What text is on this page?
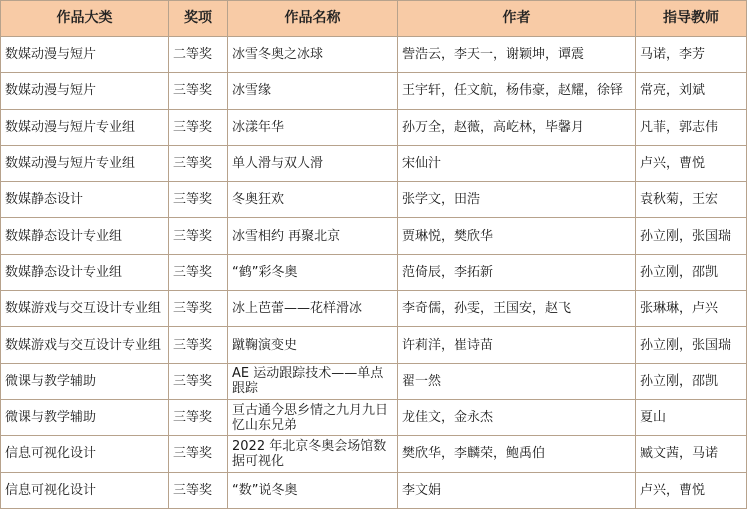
作品大类	奖项	作品名称	作者	指导教师
数媒动漫与短片	二等奖	冰雪冬奥之冰球	訾浩云，李天一，谢颖坤，谭震	马诺，李芳
数媒动漫与短片	三等奖	冰雪缘	王宇轩，任文航，杨伟豪，赵耀，徐铎	常亮，刘斌
数媒动漫与短片专业组	三等奖	冰漾年华	孙万全，赵薇，高屹林，毕馨月	凡菲，郭志伟
数媒动漫与短片专业组	三等奖	单人滑与双人滑	宋仙汁	卢兴，曹悦
数媒静态设计	三等奖	冬奥狂欢	张学文，田浩	袁秋菊，王宏
数媒静态设计专业组	三等奖	冰雪相约 再聚北京	贾琳悦，樊欣华	孙立刚，张国瑞
数媒静态设计专业组	三等奖	“鹤”彩冬奥	范倚辰，李拓新	孙立刚，邵凯
数媒游戏与交互设计专业组	三等奖	冰上芭蕾——花样滑冰	李奇儒，孙雯，王国安，赵飞	张琳琳，卢兴
数媒游戏与交互设计专业组	三等奖	蹴鞠演变史	许莉洋，崔诗苗	孙立刚，张国瑞
微课与教学辅助	三等奖	AE 运动跟踪技术——单点跟踪	翟一然	孙立刚，邵凯
微课与教学辅助	三等奖	亘古通今思乡情之九月九日忆山东兄弟	龙佳文，金永杰	夏山
信息可视化设计	三等奖	2022 年北京冬奥会场馆数据可视化	樊欣华，李麟荣，鲍禹伯	臧文茜，马诺
信息可视化设计	三等奖	“数”说冬奥	李文娟	卢兴，曹悦
